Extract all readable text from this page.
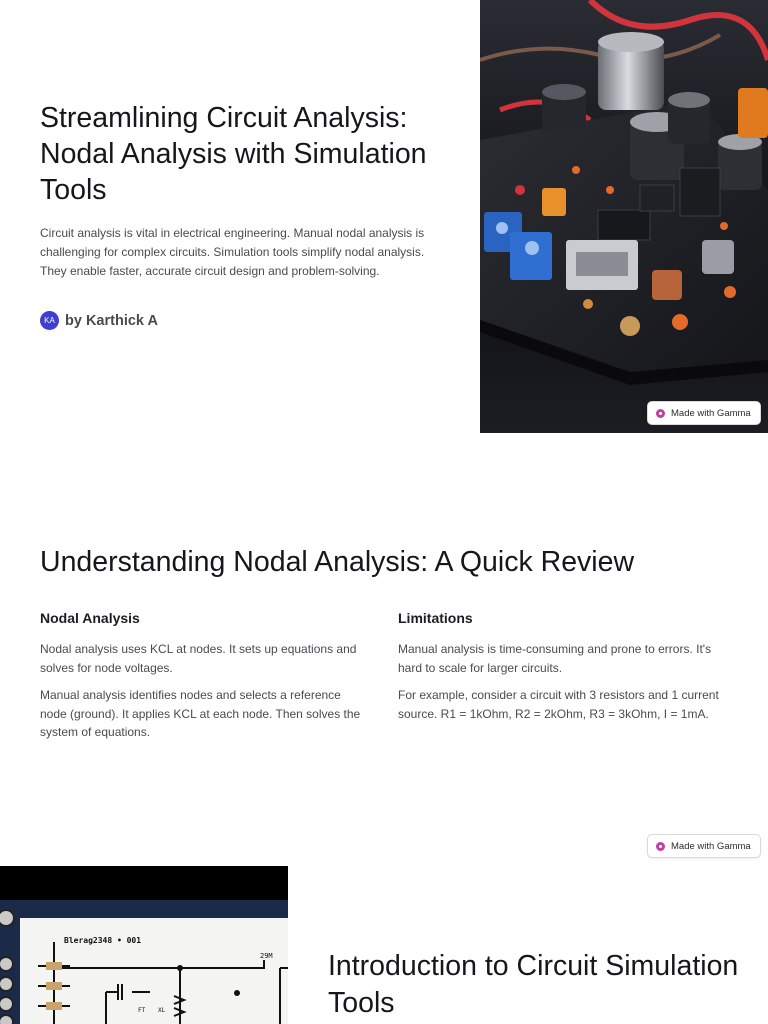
Streamlining Circuit Analysis: Nodal Analysis with Simulation Tools

Circuit analysis is vital in electrical engineering. Manual nodal analysis is challenging for complex circuits. Simulation tools simplify nodal analysis. They enable faster, accurate circuit design and problem-solving.

KA by Karthick A
Made with Gamma
Understanding Nodal Analysis: A Quick Review
Nodal Analysis

Nodal analysis uses KCL at nodes. It sets up equations and solves for node voltages.

Manual analysis identifies nodes and selects a reference node (ground). It applies KCL at each node. Then solves the system of equations.

Limitations

Manual analysis is time-consuming and prone to errors. It's hard to scale for larger circuits.

For example, consider a circuit with 3 resistors and 1 current source. R1 = 1kOhm, R2 = 2kOhm, R3 = 3kOhm, I = 1mA.

Made with Gamma
Blerag2348 • 001
29M
FT XL
Introduction to Circuit Simulation Tools
